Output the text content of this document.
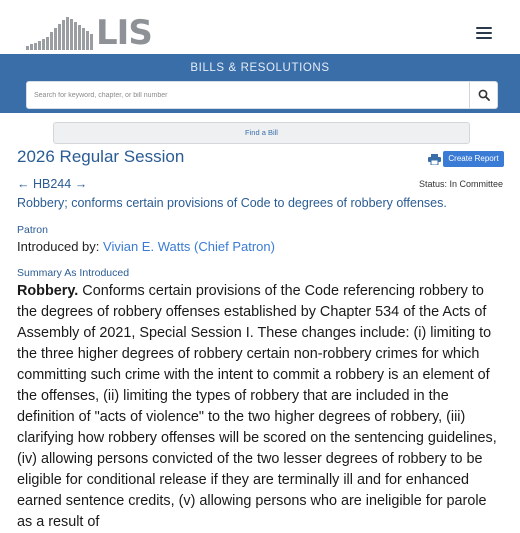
LIS
BILLS & RESOLUTIONS
Search for keyword, chapter, or bill number
Find a Bill
2026 Regular Session	Create Report
← HB244 →	Status: In Committee
Robbery; conforms certain provisions of Code to degrees of robbery offenses.
Patron
Introduced by: Vivian E. Watts (Chief Patron)
Summary As Introduced
Robbery. Conforms certain provisions of the Code referencing robbery to the degrees of robbery offenses established by Chapter 534 of the Acts of Assembly of 2021, Special Session I. These changes include: (i) limiting to the three higher degrees of robbery certain non-robbery crimes for which committing such crime with the intent to commit a robbery is an element of the offenses, (ii) limiting the types of robbery that are included in the definition of "acts of violence" to the two higher degrees of robbery, (iii) clarifying how robbery offenses will be scored on the sentencing guidelines, (iv) allowing persons convicted of the two lesser degrees of robbery to be eligible for conditional release if they are terminally ill and for enhanced earned sentence credits, (v) allowing persons who are ineligible for parole as a result of
